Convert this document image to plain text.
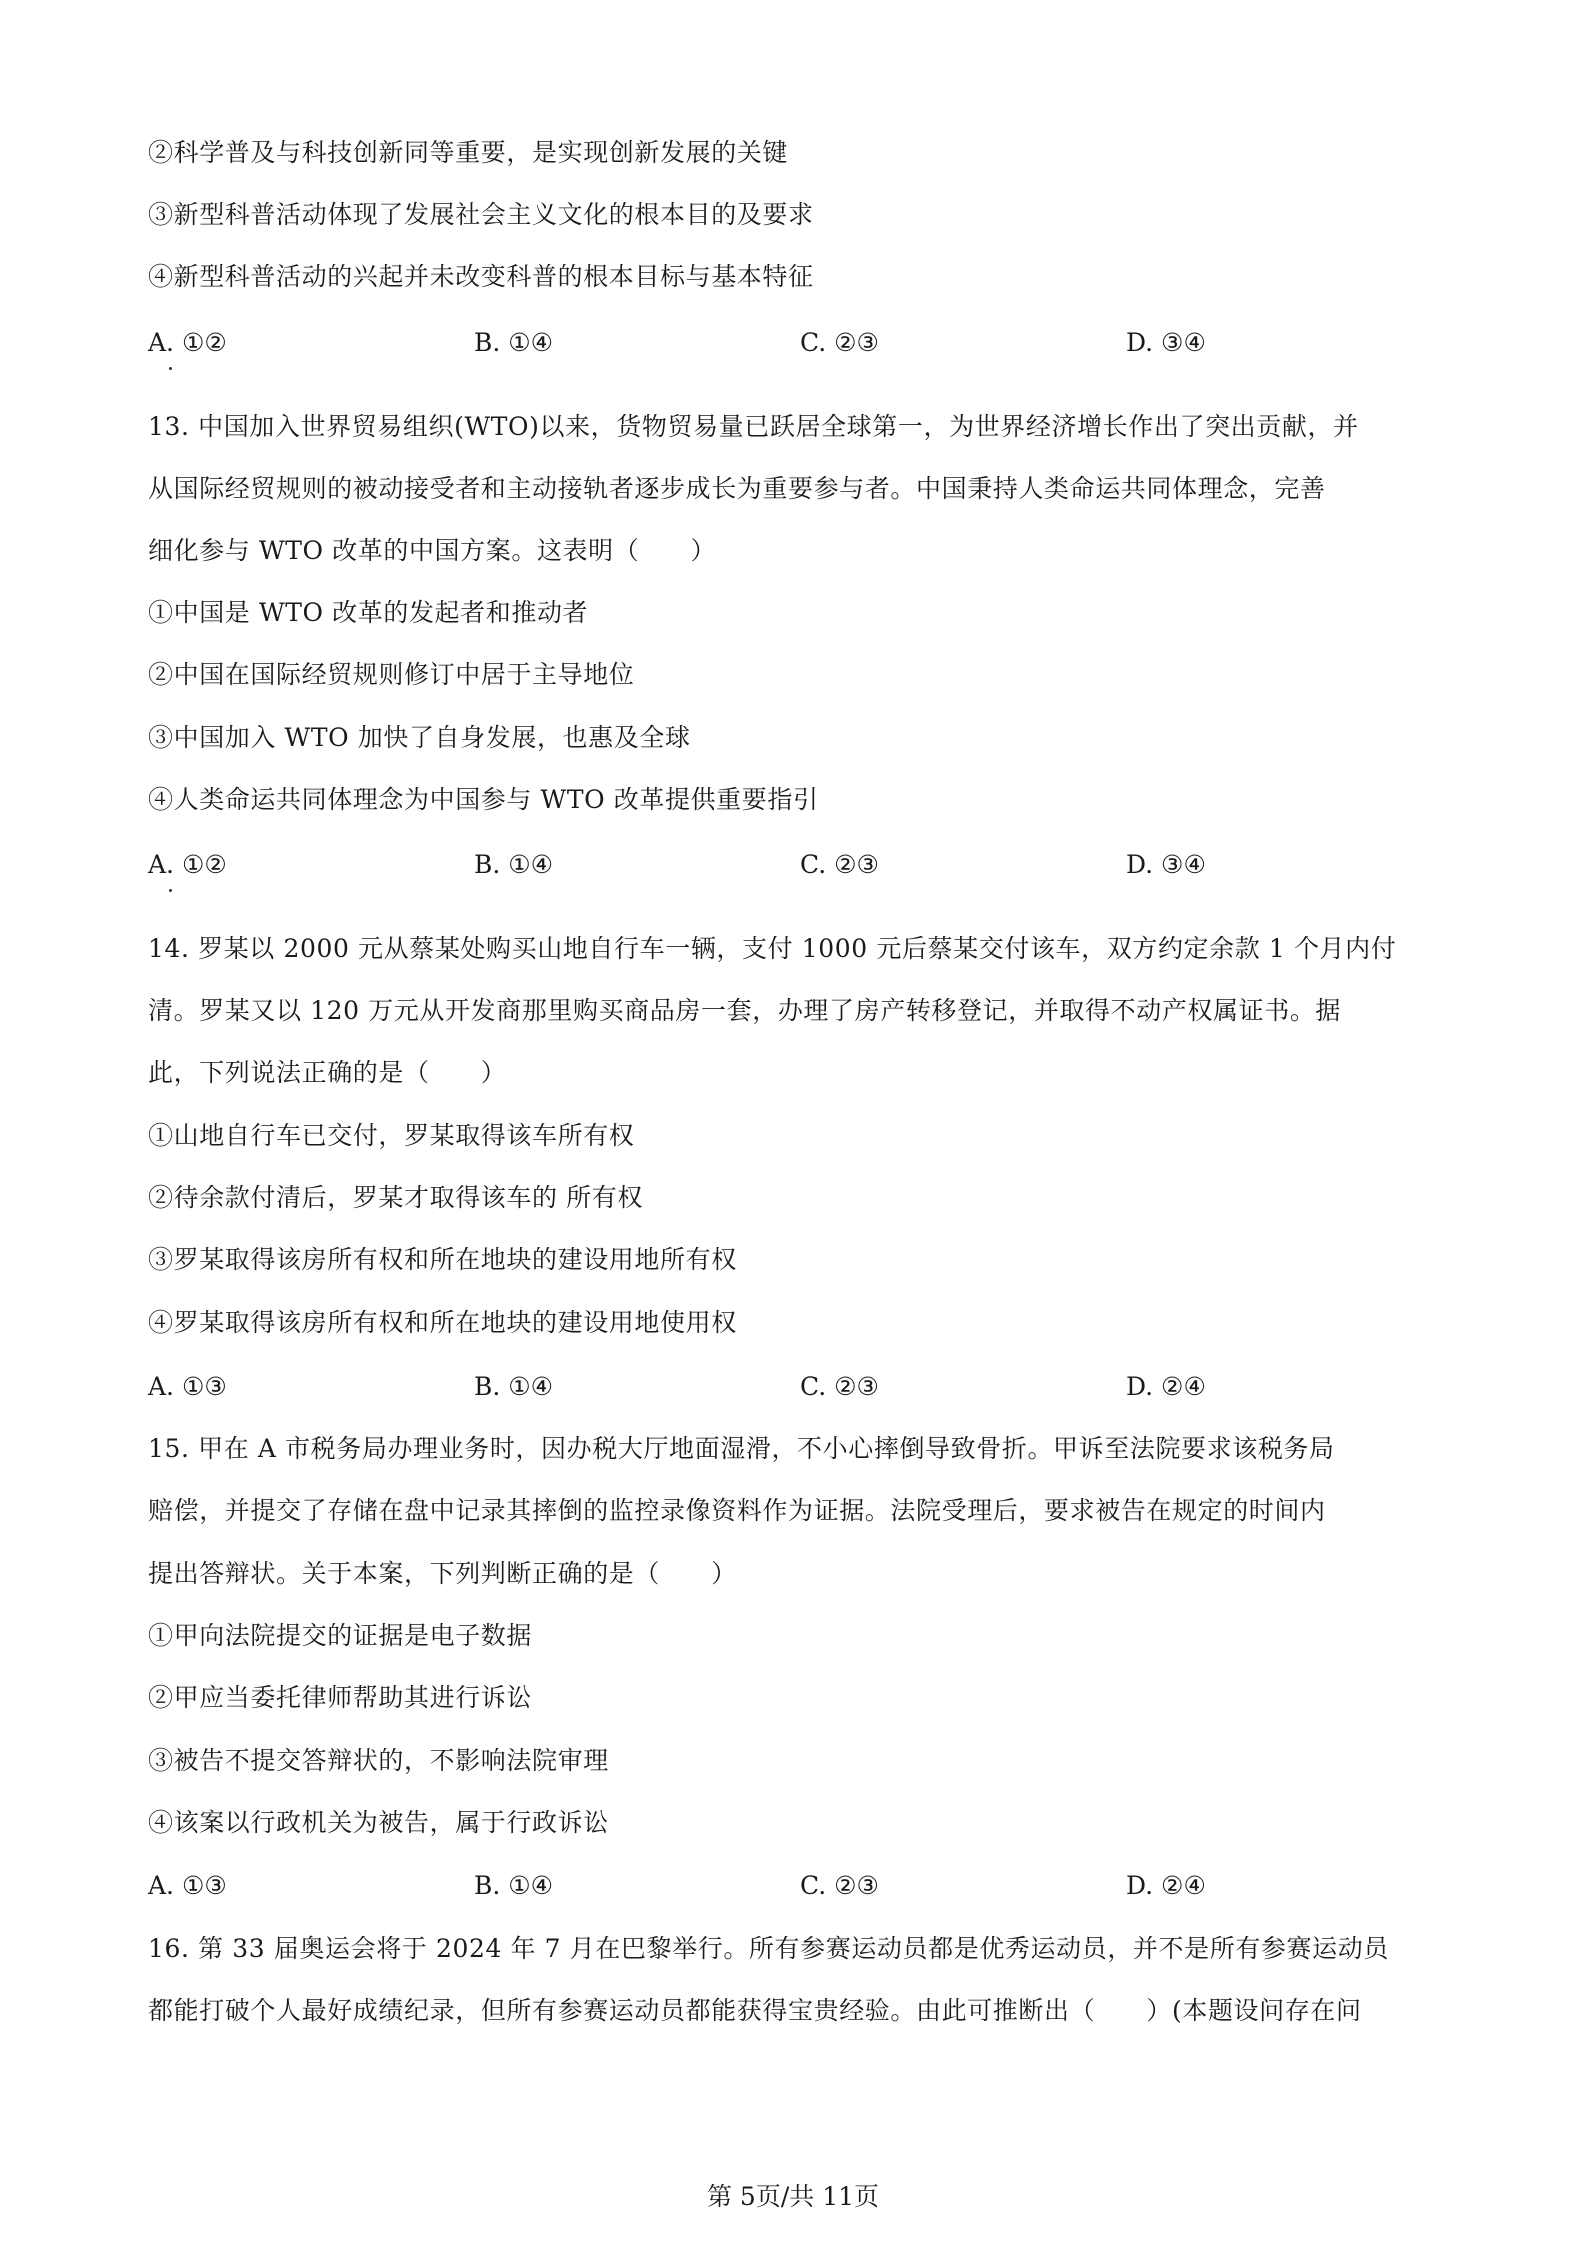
②科学普及与科技创新同等重要，是实现创新发展的关键
③新型科普活动体现了发展社会主义文化的根本目的及要求
④新型科普活动的兴起并未改变科普的根本目标与基本特征
A. ①②	B. ①④	C. ②③	D. ③④
13. 中国加入世界贸易组织(WTO)以来，货物贸易量已跃居全球第一，为世界经济增长作出了突出贡献，并
从国际经贸规则的被动接受者和主动接轨者逐步成长为重要参与者。中国秉持人类命运共同体理念，完善
细化参与 WTO 改革的中国方案。这表明（　　）
①中国是 WTO 改革的发起者和推动者
②中国在国际经贸规则修订中居于主导地位
③中国加入 WTO 加快了自身发展，也惠及全球
④人类命运共同体理念为中国参与 WTO 改革提供重要指引
A. ①②	B. ①④	C. ②③	D. ③④
14. 罗某以 2000 元从蔡某处购买山地自行车一辆，支付 1000 元后蔡某交付该车，双方约定余款 1 个月内付
清。罗某又以 120 万元从开发商那里购买商品房一套，办理了房产转移登记，并取得不动产权属证书。据
此，下列说法正确的是（　　）
①山地自行车已交付，罗某取得该车所有权
②待余款付清后，罗某才取得该车的 所有权
③罗某取得该房所有权和所在地块的建设用地所有权
④罗某取得该房所有权和所在地块的建设用地使用权
A. ①③	B. ①④	C. ②③	D. ②④
15. 甲在 A 市税务局办理业务时，因办税大厅地面湿滑，不小心摔倒导致骨折。甲诉至法院要求该税务局
赔偿，并提交了存储在盘中记录其摔倒的监控录像资料作为证据。法院受理后，要求被告在规定的时间内
提出答辩状。关于本案，下列判断正确的是（　　）
①甲向法院提交的证据是电子数据
②甲应当委托律师帮助其进行诉讼
③被告不提交答辩状的，不影响法院审理
④该案以行政机关为被告，属于行政诉讼
A. ①③	B. ①④	C. ②③	D. ②④
16. 第 33 届奥运会将于 2024 年 7 月在巴黎举行。所有参赛运动员都是优秀运动员，并不是所有参赛运动员
都能打破个人最好成绩纪录，但所有参赛运动员都能获得宝贵经验。由此可推断出（　　）(本题设问存在问
第 5页/共 11页
